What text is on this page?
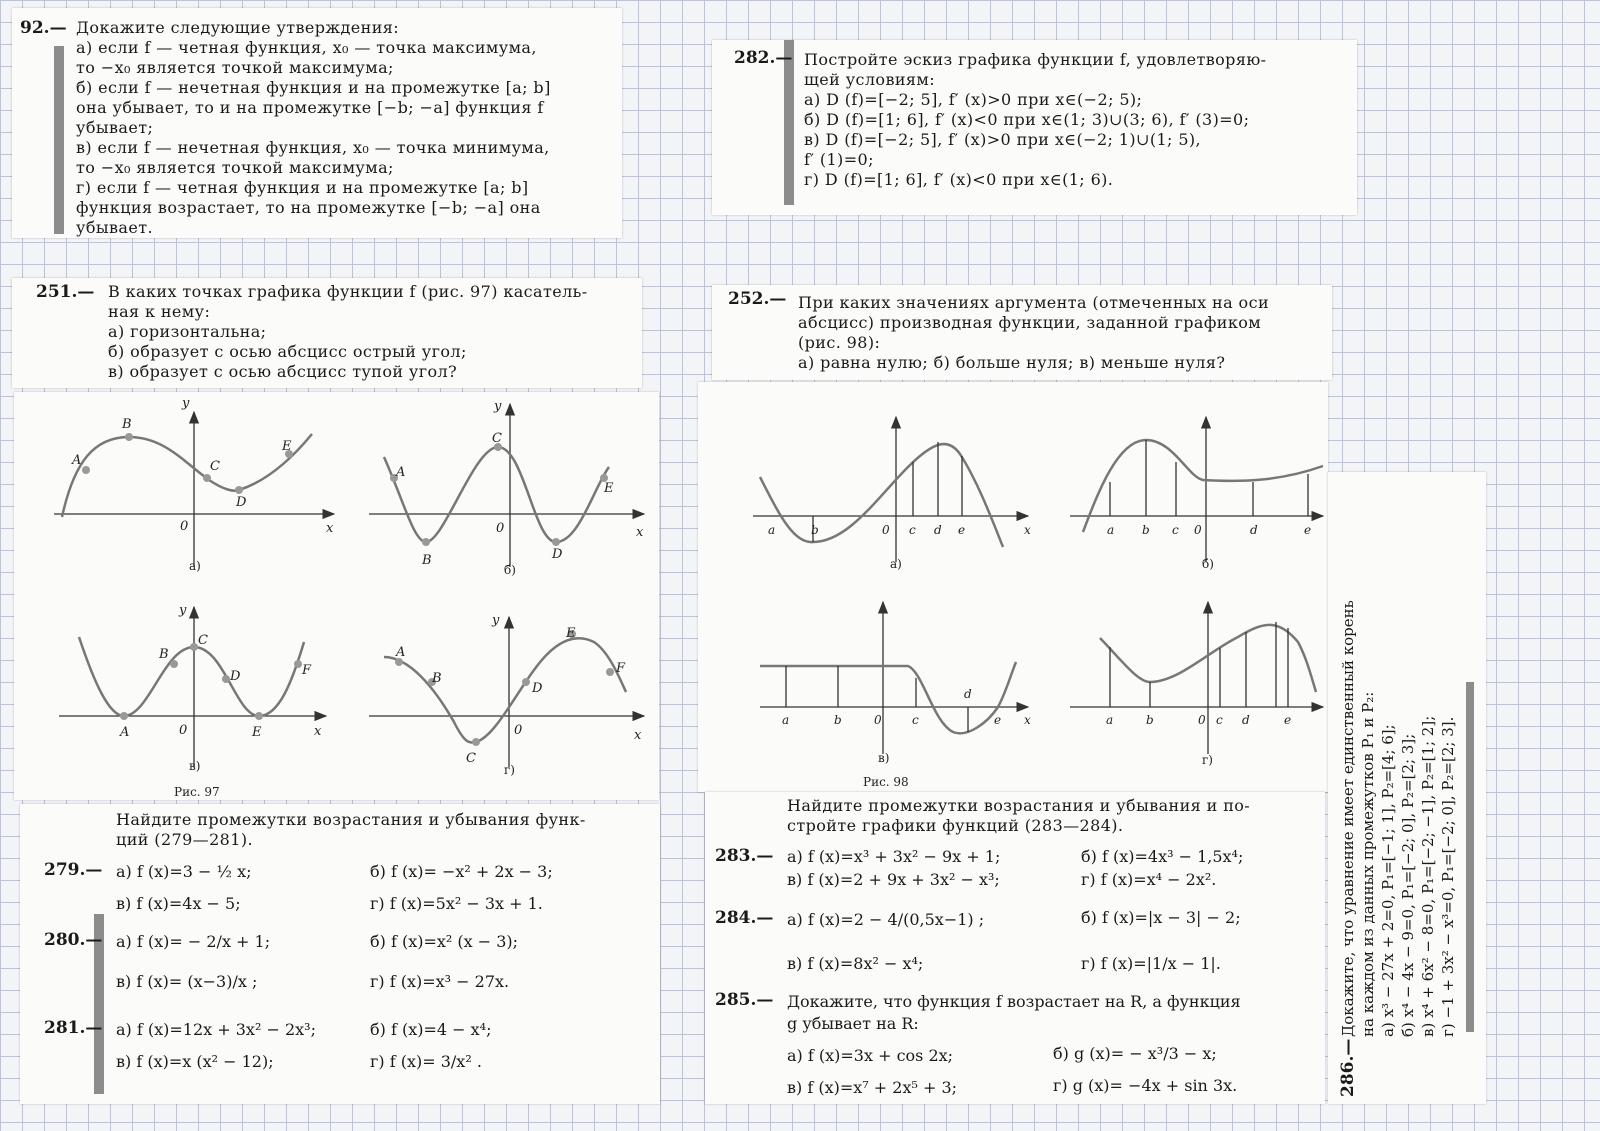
92.— Докажите следующие утверждения:
а) если f — четная функция, x₀ — точка максимума,
то −x₀ является точкой максимума;
б) если f — нечетная функция и на промежутке [a; b]
она убывает, то и на промежутке [−b; −a] функция f
убывает;
в) если f — нечетная функция, x₀ — точка минимума,
то −x₀ является точкой максимума;
г) если f — четная функция и на промежутке [a; b]
функция возрастает, то на промежутке [−b; −a] она
убывает.
282.— Постройте эскиз графика функции f, удовлетворяю-
щей условиям:
а) D (f)=[−2; 5], f′ (x)>0 при x∈(−2; 5);
б) D (f)=[1; 6], f′ (x)<0 при x∈(1; 3)∪(3; 6), f′ (3)=0;
в) D (f)=[−2; 5], f′ (x)>0 при x∈(−2; 1)∪(1; 5),
f′ (1)=0;
г) D (f)=[1; 6], f′ (x)<0 при x∈(1; 6).
251.— В каких точках графика функции f (рис. 97) касатель-
ная к нему:
а) горизонтальна;
б) образует с осью абсцисс острый угол;
в) образует с осью абсцисс тупой угол?
252.— При каких значениях аргумента (отмеченных на оси
абсцисс) производная функции, заданной графиком
(рис. 98):
а) равна нулю; б) больше нуля; в) меньше нуля?
A
B
C
D
E
y
x
0
A
B
C
D
E
y
x
0
A
B
C
D
E
F
y
x
0
A
B
C
D
E
F
y
x
0
а)	б)
в)	г)
Рис. 97
a	b	0 c d e	x	a b c 0	d	e
a	b	0	c
d
e x	a	b	0 c d	e
а)	б)
в)	г)
Рис. 98
Найдите промежутки возрастания и убывания функ-
ций (279—281).
279.— а) f (x)=3 − ½ x;	б) f (x)= −x² + 2x − 3;
в) f (x)=4x − 5;	г) f (x)=5x² − 3x + 1.
280.— а) f (x)= − 2/x + 1;	б) f (x)=x² (x − 3);
в) f (x)= (x−3)/x ;	г) f (x)=x³ − 27x.
281.— а) f (x)=12x + 3x² − 2x³;	б) f (x)=4 − x⁴;
в) f (x)=x (x² − 12);	г) f (x)= 3/x² .
Найдите промежутки возрастания и убывания и по-
стройте графики функций (283—284).
283.— а) f (x)=x³ + 3x² − 9x + 1;	б) f (x)=4x³ − 1,5x⁴;
в) f (x)=2 + 9x + 3x² − x³;	г) f (x)=x⁴ − 2x².
284.— а) f (x)=2 − 4/(0,5x−1) ;	б) f (x)=|x − 3| − 2;
в) f (x)=8x² − x⁴;	г) f (x)=|1/x − 1|.
285.— Докажите, что функция f возрастает на R, а функция
g убывает на R:
а) f (x)=3x + cos 2x;	б) g (x)= − x³/3 − x;
в) f (x)=x⁷ + 2x⁵ + 3;	г) g (x)= −4x + sin 3x.	286.—
Докажите, что уравнение имеет единственный корень на каждом из данных промежутков P₁ и P₂: а) x³ − 27x + 2=0, P₁=[−1; 1], P₂=[4; 6]; б) x⁴ − 4x − 9=0, P₁=[−2; 0], P₂=[2; 3]; в) x⁴ + 6x² − 8=0, P₁=[−2; −1], P₂=[1; 2]; г) −1 + 3x² − x³=0, P₁=[−2; 0], P₂=[2; 3].
